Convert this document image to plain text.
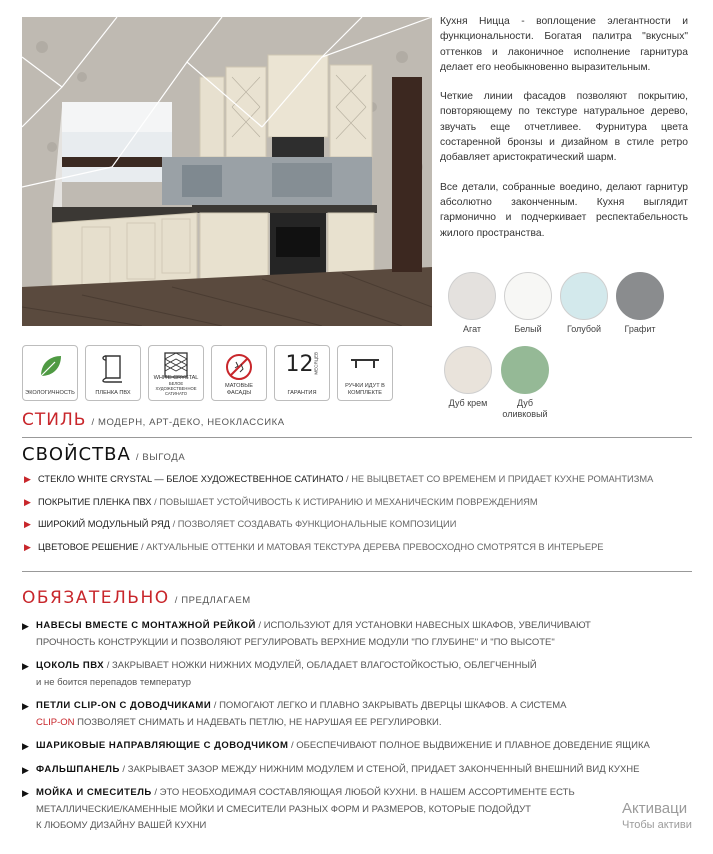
Кухня Ницца - воплощение элегантности и функциональности. Богатая палитра "вкусных" оттенков и лаконичное исполнение гарнитура делает его необыкновенно выразительным.

Четкие линии фасадов позволяют покрытию, повторяющему по текстуре натуральное дерево, звучать еще отчетливее. Фурнитура цвета состаренной бронзы и дизайном в стиле ретро добавляет аристократический шарм.

Все детали, собранные воедино, делают гарнитур абсолютно законченным. Кухня выглядит гармонично и подчеркивает респектабельность жилого пространства.

Агат	Белый	Голубой	Графит
Дуб крем	Дуб оливковый
ЭКОЛОГИЧНОСТЬ	ПЛЕНКА ПВХ
WHITE CRYSTAL
БЕЛОЕ ХУДОЖЕСТВЕННОЕ САТИНАТО
МАТОВЫЕ ФАСАДЫ
12 МЕСЯЦЕВ
ГАРАНТИЯ
РУЧКИ ИДУТ В КОМПЛЕКТЕ
СТИЛЬ / МОДЕРН, АРТ-ДЕКО, НЕОКЛАССИКА
СВОЙСТВА / ВЫГОДА
▶ СТЕКЛО WHITE CRYSTAL — БЕЛОЕ ХУДОЖЕСТВЕННОЕ САТИНАТО / НЕ ВЫЦВЕТАЕТ СО ВРЕМЕНЕМ И ПРИДАЕТ КУХНЕ РОМАНТИЗМА
▶ ПОКРЫТИЕ ПЛЕНКА ПВХ / ПОВЫШАЕТ УСТОЙЧИВОСТЬ К ИСТИРАНИЮ И МЕХАНИЧЕСКИМ ПОВРЕЖДЕНИЯМ
▶ ШИРОКИЙ МОДУЛЬНЫЙ РЯД / ПОЗВОЛЯЕТ СОЗДАВАТЬ ФУНКЦИОНАЛЬНЫЕ КОМПОЗИЦИИ
▶ ЦВЕТОВОЕ РЕШЕНИЕ / АКТУАЛЬНЫЕ ОТТЕНКИ И МАТОВАЯ ТЕКСТУРА ДЕРЕВА ПРЕВОСХОДНО СМОТРЯТСЯ В ИНТЕРЬЕРЕ
ОБЯЗАТЕЛЬНО / ПРЕДЛАГАЕМ
▶ НАВЕСЫ ВМЕСТЕ С МОНТАЖНОЙ РЕЙКОЙ / ИСПОЛЬЗУЮТ ДЛЯ УСТАНОВКИ НАВЕСНЫХ ШКАФОВ, УВЕЛИЧИВАЮТ
ПРОЧНОСТЬ КОНСТРУКЦИИ И ПОЗВОЛЯЮТ РЕГУЛИРОВАТЬ ВЕРХНИЕ МОДУЛИ "ПО ГЛУБИНЕ" И "ПО ВЫСОТЕ"
▶ ЦОКОЛЬ ПВХ / ЗАКРЫВАЕТ НОЖКИ НИЖНИХ МОДУЛЕЙ, ОБЛАДАЕТ ВЛАГОСТОЙКОСТЬЮ, ОБЛЕГЧЕННЫЙ
и не боится перепадов температур
▶ ПЕТЛИ CLIP-ON С ДОВОДЧИКАМИ / ПОМОГАЮТ ЛЕГКО И ПЛАВНО ЗАКРЫВАТЬ ДВЕРЦЫ ШКАФОВ. А СИСТЕМА
CLIP-ON ПОЗВОЛЯЕТ СНИМАТЬ И НАДЕВАТЬ ПЕТЛЮ, НЕ НАРУШАЯ ЕЕ РЕГУЛИРОВКИ.
▶ ШАРИКОВЫЕ НАПРАВЛЯЮЩИЕ С ДОВОДЧИКОМ / ОБЕСПЕЧИВАЮТ ПОЛНОЕ ВЫДВИЖЕНИЕ И ПЛАВНОЕ ДОВЕДЕНИЕ ЯЩИКА
▶ ФАЛЬШПАНЕЛЬ / ЗАКРЫВАЕТ ЗАЗОР МЕЖДУ НИЖНИМ МОДУЛЕМ И СТЕНОЙ, ПРИДАЕТ ЗАКОНЧЕННЫЙ ВНЕШНИЙ ВИД КУХНЕ
▶ МОЙКА И СМЕСИТЕЛЬ / ЭТО НЕОБХОДИМАЯ СОСТАВЛЯЮЩАЯ ЛЮБОЙ КУХНИ. В НАШЕМ АССОРТИМЕНТЕ ЕСТЬ
МЕТАЛЛИЧЕСКИЕ/КАМЕННЫЕ МОЙКИ И СМЕСИТЕЛИ РАЗНЫХ ФОРМ И РАЗМЕРОВ, КОТОРЫЕ ПОДОЙДУТ
К ЛЮБОМУ ДИЗАЙНУ ВАШЕЙ КУХНИ
Активаци
Чтобы активи
